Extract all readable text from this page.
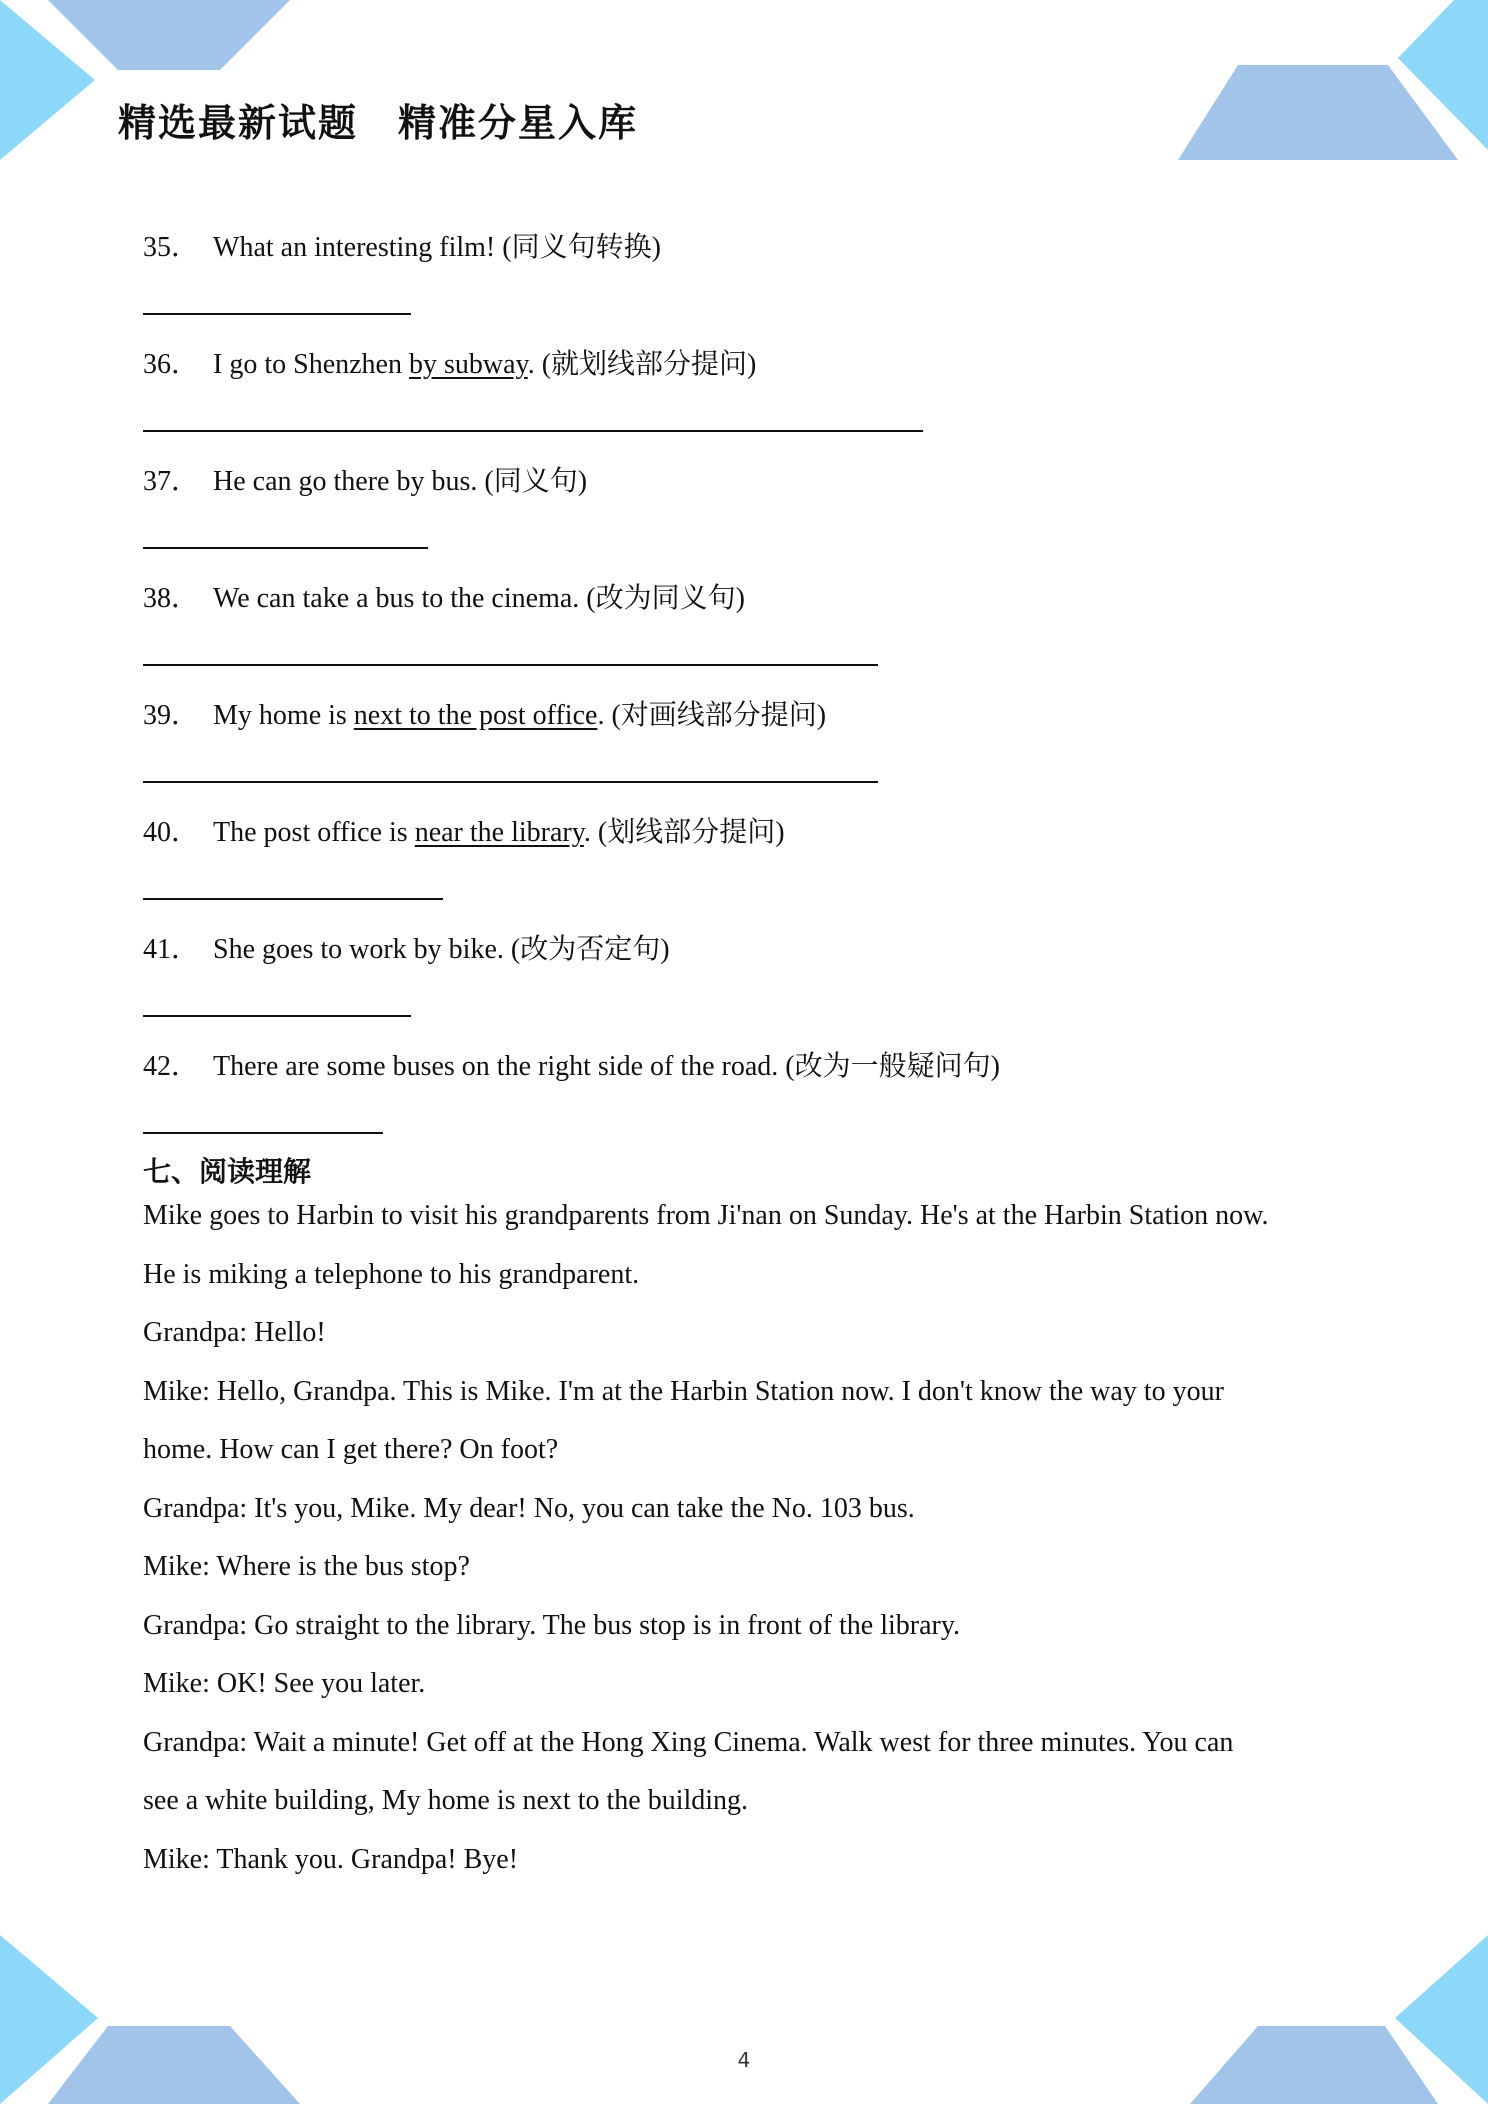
精选最新试题 精准分星入库
35． What an interesting film! (同义句转换)
36． I go to Shenzhen by subway. (就划线部分提问)
37． He can go there by bus. (同义句)
38． We can take a bus to the cinema. (改为同义句)
39． My home is next to the post office. (对画线部分提问)
40． The post office is near the library. (划线部分提问)
41． She goes to work by bike. (改为否定句)
42． There are some buses on the right side of the road. (改为一般疑问句)
七、阅读理解
Mike goes to Harbin to visit his grandparents from Ji'nan on Sunday. He's at the Harbin Station now.
He is miking a telephone to his grandparent.
Grandpa: Hello!
Mike: Hello, Grandpa. This is Mike. I'm at the Harbin Station now. I don't know the way to your
home. How can I get there? On foot?
Grandpa: It's you, Mike. My dear! No, you can take the No. 103 bus.
Mike: Where is the bus stop?
Grandpa: Go straight to the library. The bus stop is in front of the library.
Mike: OK! See you later.
Grandpa: Wait a minute! Get off at the Hong Xing Cinema. Walk west for three minutes. You can
see a white building, My home is next to the building.
Mike: Thank you. Grandpa! Bye!
4
